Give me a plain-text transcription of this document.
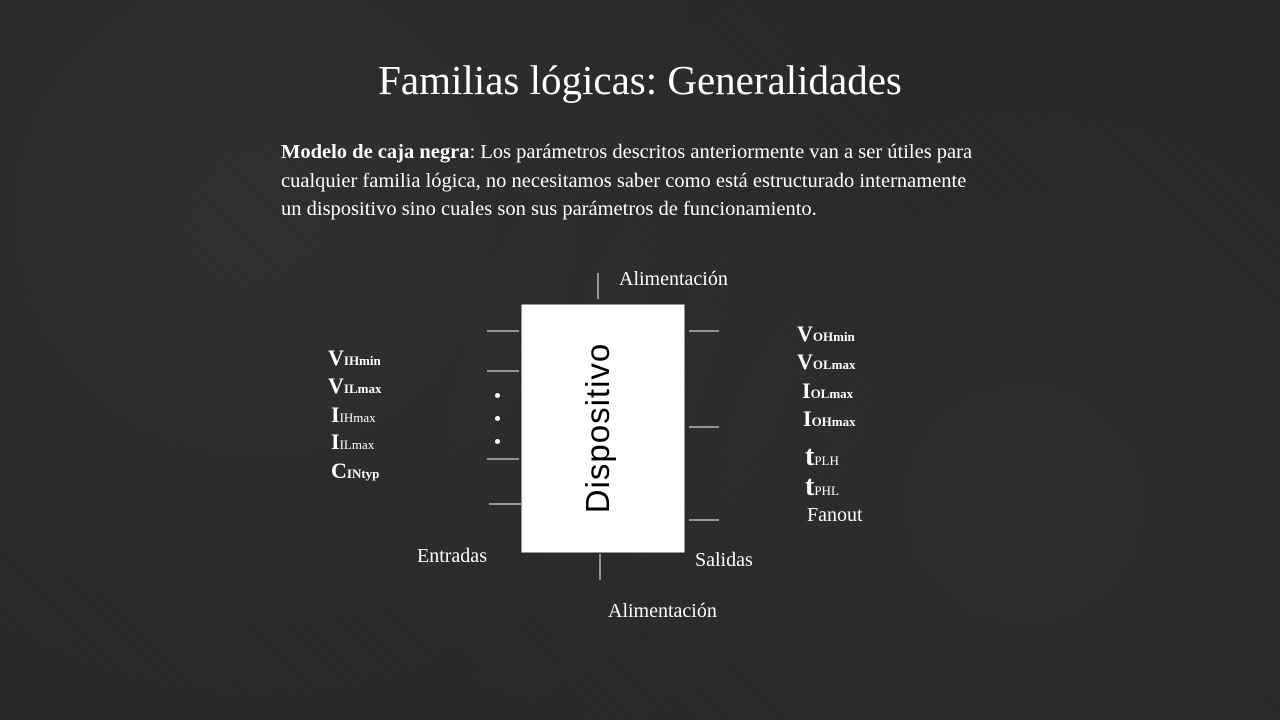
Familias lógicas: Generalidades
Modelo de caja negra: Los parámetros descritos anteriormente van a ser útiles para cualquier familia lógica, no necesitamos saber como está estructurado internamente un dispositivo sino cuales son sus parámetros de funcionamiento.
Dispositivo
Alimentación
Alimentación
Entradas	Salidas
Fanout
VIHmin
VILmax
IIHmax
IILmax
CINtyp
VOHmin
VOLmax
IOLmax
IOHmax
tPLH
tPHL
